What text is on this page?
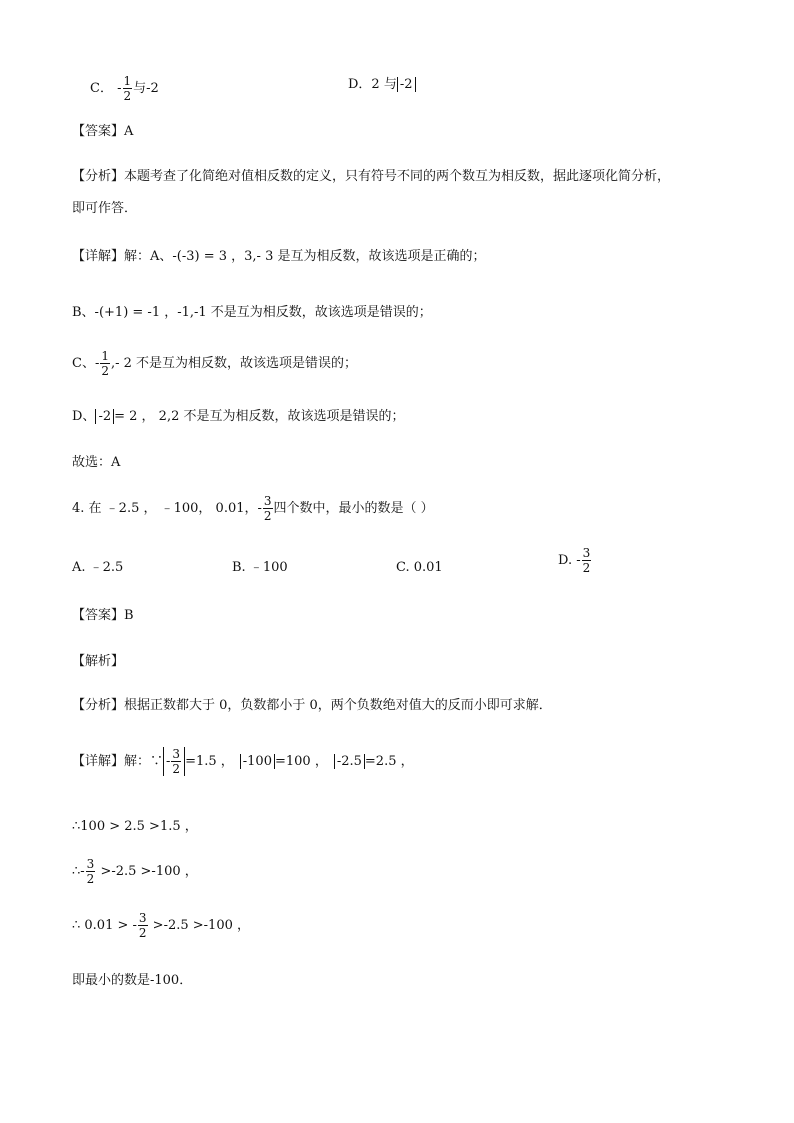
C． - $\frac{1}{2}$ 与-2	D．2 与 -2
【答案】A
【分析】本题考查了化简绝对值相反数的定义，只有符号不同的两个数互为相反数，据此逐项化简分析，
即可作答．
【详解】解：A、-(-3) = 3 ，3,- 3 是互为相反数，故该选项是正确的；
B、-(+1) = -1 ，-1,-1 不是互为相反数，故该选项是错误的；
C、- $\frac{1}{2}$ ,- 2 不是互为相反数，故该选项是错误的；
D、 -2 = 2 ， 2,2 不是互为相反数，故该选项是错误的；
故选：A
4. 在 ﹣2.5 ， ﹣100， 0.01，- $\frac{3}{2}$ 四个数中，最小的数是（ ）
A. ﹣2.5	B. ﹣100	C. 0.01	D. - $\frac{3}{2}$
【答案】B
【解析】
【分析】根据正数都大于 0，负数都小于 0，两个负数绝对值大的反而小即可求解．
【详解】解：∵ - $\frac{3}{2} =1.5$ ， -100 =100 ， -2.5 =2.5 ，
∴100 > 2.5 >1.5 ，
∴- $\frac{3}{2} >-2.5 >-100$ ，
∴ 0.01 > - $\frac{3}{2} >-2.5 >-100$ ，
即最小的数是-100．
